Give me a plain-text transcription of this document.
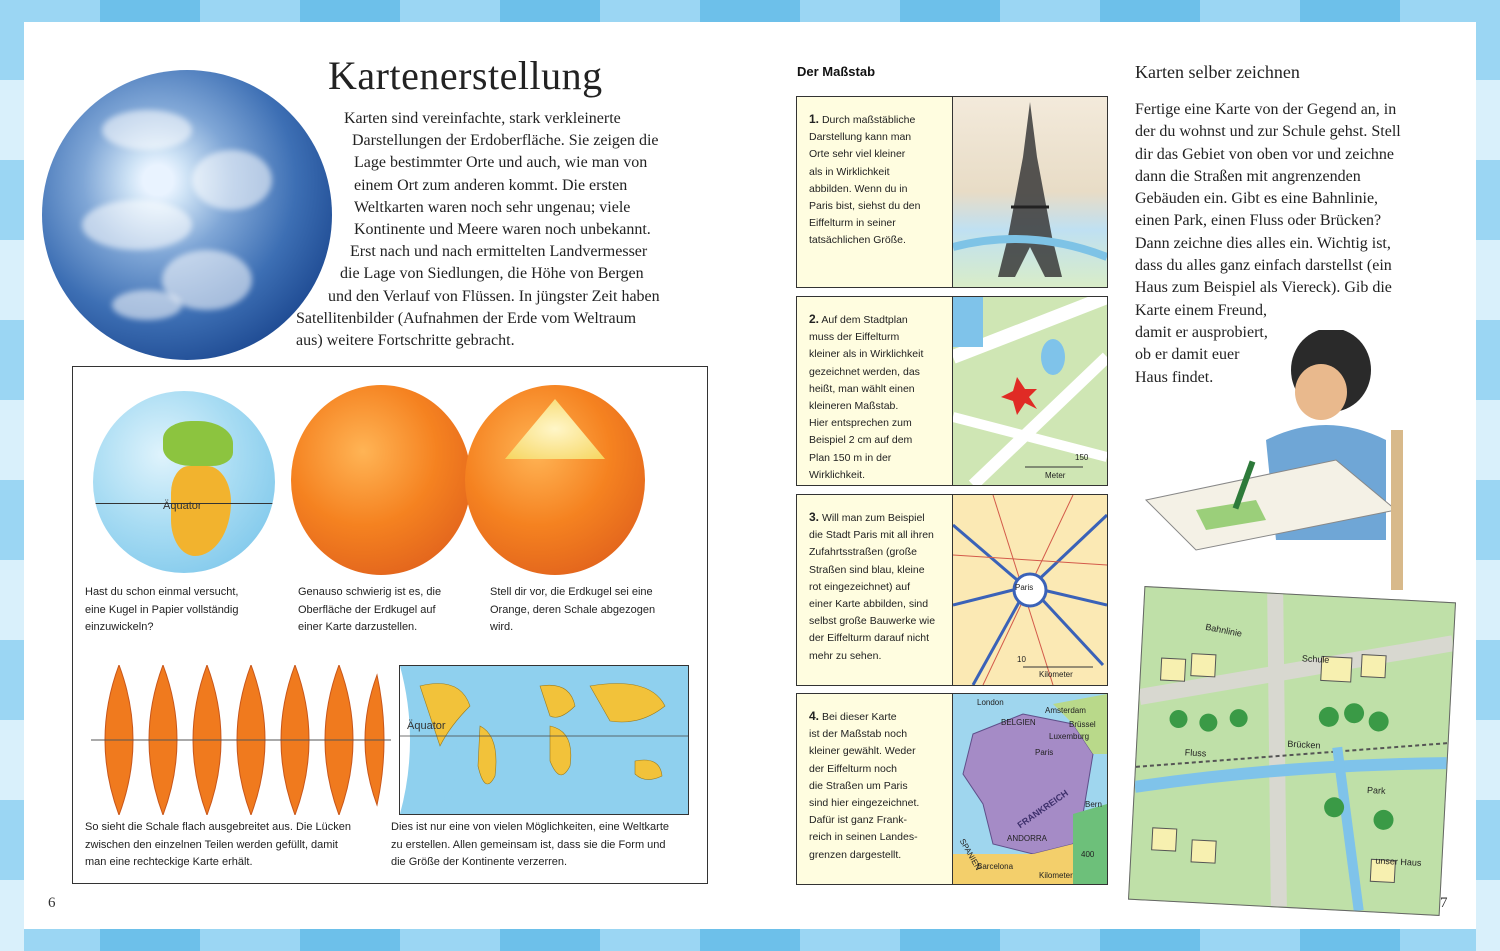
Kartenerstellung
Karten sind vereinfachte, stark verkleinerte
Darstellungen der Erdoberfläche. Sie zeigen die
Lage bestimmter Orte und auch, wie man von
einem Ort zum anderen kommt. Die ersten
Weltkarten waren noch sehr ungenau; viele
Kontinente und Meere waren noch unbekannt.
Erst nach und nach ermittelten Landvermesser
die Lage von Siedlungen, die Höhe von Bergen
und den Verlauf von Flüssen. In jüngster Zeit haben
Satellitenbilder (Aufnahmen der Erde vom Weltraum
aus) weitere Fortschritte gebracht.
Äquator
Hast du schon einmal versucht,
eine Kugel in Papier vollständig
einzuwickeln?
Genauso schwierig ist es, die
Oberfläche der Erdkugel auf
einer Karte darzustellen.
Stell dir vor, die Erdkugel sei eine
Orange, deren Schale abgezogen
wird.
Äquator
So sieht die Schale flach ausgebreitet aus. Die Lücken
zwischen den einzelnen Teilen werden gefüllt, damit
man eine rechteckige Karte erhält.
Dies ist nur eine von vielen Möglichkeiten, eine Weltkarte
zu erstellen. Allen gemeinsam ist, dass sie die Form und
die Größe der Kontinente verzerren.
6
Der Maßstab
1. Durch maßstäbliche
Darstellung kann man
Orte sehr viel kleiner
als in Wirklichkeit
abbilden. Wenn du in
Paris bist, siehst du den
Eiffelturm in seiner
tatsächlichen Größe.
2. Auf dem Stadtplan
muss der Eiffelturm
kleiner als in Wirklichkeit
gezeichnet werden, das
heißt, man wählt einen
kleineren Maßstab.
Hier entsprechen zum
Beispiel 2 cm auf dem
Plan 150 m in der
Wirklichkeit.
150
Meter
3. Will man zum Beispiel
die Stadt Paris mit all ihren
Zufahrtsstraßen (große
Straßen sind blau, kleine
rot eingezeichnet) auf
einer Karte abbilden, sind
selbst große Bauwerke wie
der Eiffelturm darauf nicht
mehr zu sehen.
Paris
10
Kilometer
4. Bei dieser Karte
ist der Maßstab noch
kleiner gewählt. Weder
der Eiffelturm noch
die Straßen um Paris
sind hier eingezeichnet.
Dafür ist ganz Frank-
reich in seinen Landes-
grenzen dargestellt.
London
Amsterdam
BELGIEN	Brüssel
Luxemburg
Paris
FRANKREICH Bern
ANDORRA
SPANIEN
Barcelona
400
Kilometer
Karten selber zeichnen
Fertige eine Karte von der Gegend an, in
der du wohnst und zur Schule gehst. Stell
dir das Gebiet von oben vor und zeichne
dann die Straßen mit angrenzenden
Gebäuden ein. Gibt es eine Bahnlinie,
einen Park, einen Fluss oder Brücken?
Dann zeichne dies alles ein. Wichtig ist,
dass du alles ganz einfach darstellst (ein
Haus zum Beispiel als Viereck). Gib die
Karte einem Freund,
damit er ausprobiert,
ob er damit euer
Haus findet.
Bahnlinie
Schule
Fluss
Brücken
Park
unser Haus
7
